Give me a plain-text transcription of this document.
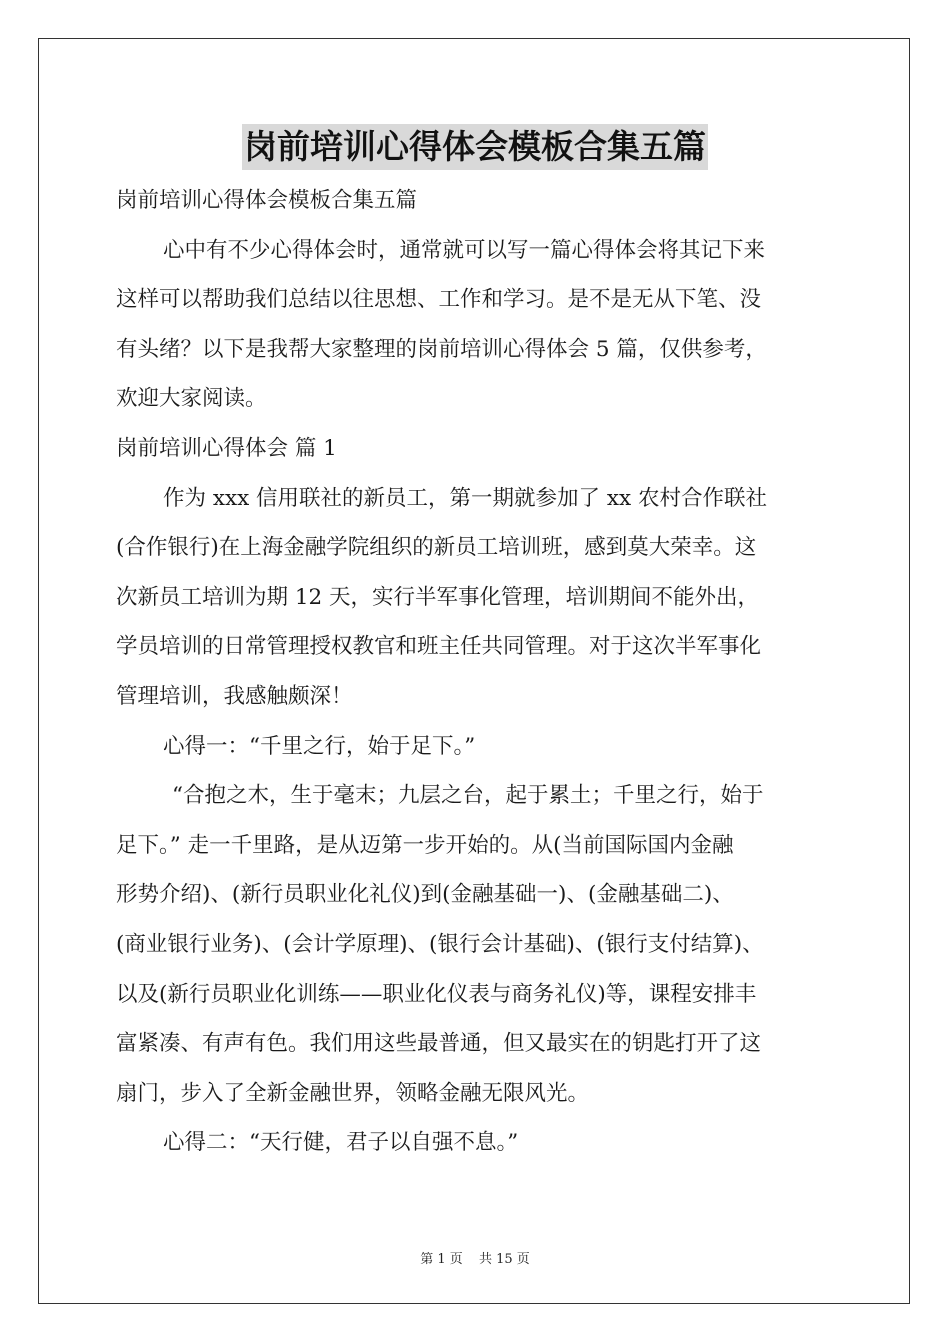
岗前培训心得体会模板合集五篇

岗前培训心得体会模板合集五篇

心中有不少心得体会时，通常就可以写一篇心得体会将其记下来

这样可以帮助我们总结以往思想、工作和学习。是不是无从下笔、没

有头绪？以下是我帮大家整理的岗前培训心得体会 5 篇，仅供参考，

欢迎大家阅读。

岗前培训心得体会 篇 1

作为 xxx 信用联社的新员工，第一期就参加了 xx 农村合作联社

(合作银行)在上海金融学院组织的新员工培训班，感到莫大荣幸。这

次新员工培训为期 12 天，实行半军事化管理，培训期间不能外出，

学员培训的日常管理授权教官和班主任共同管理。对于这次半军事化

管理培训，我感触颇深！

心得一：“千里之行，始于足下。”

“合抱之木，生于毫末；九层之台，起于累土；千里之行，始于

足下。” 走一千里路，是从迈第一步开始的。从(当前国际国内金融

形势介绍)、(新行员职业化礼仪)到(金融基础一)、(金融基础二)、

(商业银行业务)、(会计学原理)、(银行会计基础)、(银行支付结算)、

以及(新行员职业化训练——职业化仪表与商务礼仪)等，课程安排丰

富紧凑、有声有色。我们用这些最普通，但又最实在的钥匙打开了这

扇门，步入了全新金融世界，领略金融无限风光。

心得二：“天行健，君子以自强不息。”

第 1 页 共 15 页
